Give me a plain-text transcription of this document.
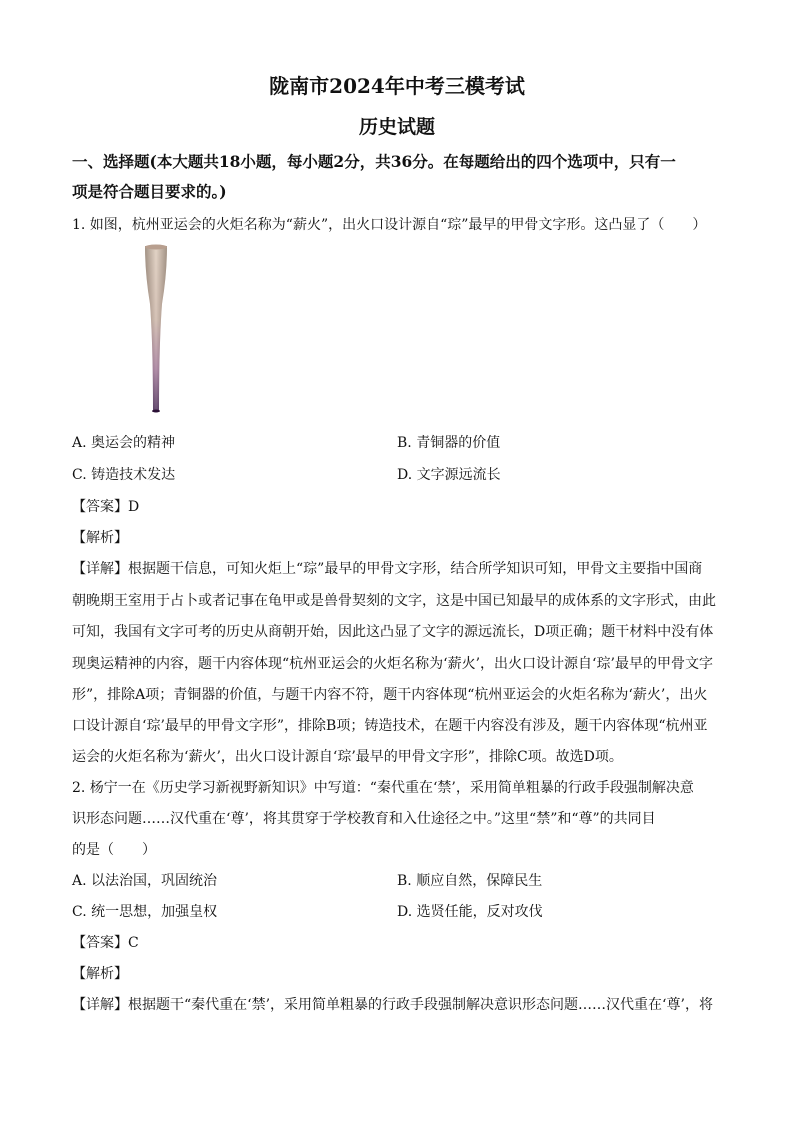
陇南市2024年中考三模考试
历史试题
一、选择题(本大题共18小题，每小题2分，共36分。在每题给出的四个选项中，只有一
项是符合题目要求的。)
1. 如图，杭州亚运会的火炬名称为“薪火”，出火口设计源自“琮”最早的甲骨文字形。这凸显了（　　）
A. 奥运会的精神	B. 青铜器的价值
C. 铸造技术发达	D. 文字源远流长
【答案】D
【解析】
【详解】根据题干信息，可知火炬上“琮”最早的甲骨文字形，结合所学知识可知，甲骨文主要指中国商
朝晚期王室用于占卜或者记事在龟甲或是兽骨契刻的文字，这是中国已知最早的成体系的文字形式，由此
可知，我国有文字可考的历史从商朝开始，因此这凸显了文字的源远流长，D项正确；题干材料中没有体
现奥运精神的内容，题干内容体现“杭州亚运会的火炬名称为‘薪火’，出火口设计源自‘琮’最早的甲骨文字
形”，排除A项；青铜器的价值，与题干内容不符，题干内容体现“杭州亚运会的火炬名称为‘薪火’，出火
口设计源自‘琮’最早的甲骨文字形”，排除B项；铸造技术，在题干内容没有涉及，题干内容体现“杭州亚
运会的火炬名称为‘薪火’，出火口设计源自‘琮’最早的甲骨文字形”，排除C项。故选D项。
2. 杨宁一在《历史学习新视野新知识》中写道：“秦代重在‘禁’，采用简单粗暴的行政手段强制解决意
识形态问题……汉代重在‘尊’，将其贯穿于学校教育和入仕途径之中。”这里“禁”和“尊”的共同目
的是（　　）
A. 以法治国，巩固统治	B. 顺应自然，保障民生
C. 统一思想，加强皇权	D. 选贤任能，反对攻伐
【答案】C
【解析】
【详解】根据题干“秦代重在‘禁’，采用简单粗暴的行政手段强制解决意识形态问题……汉代重在‘尊’，将
